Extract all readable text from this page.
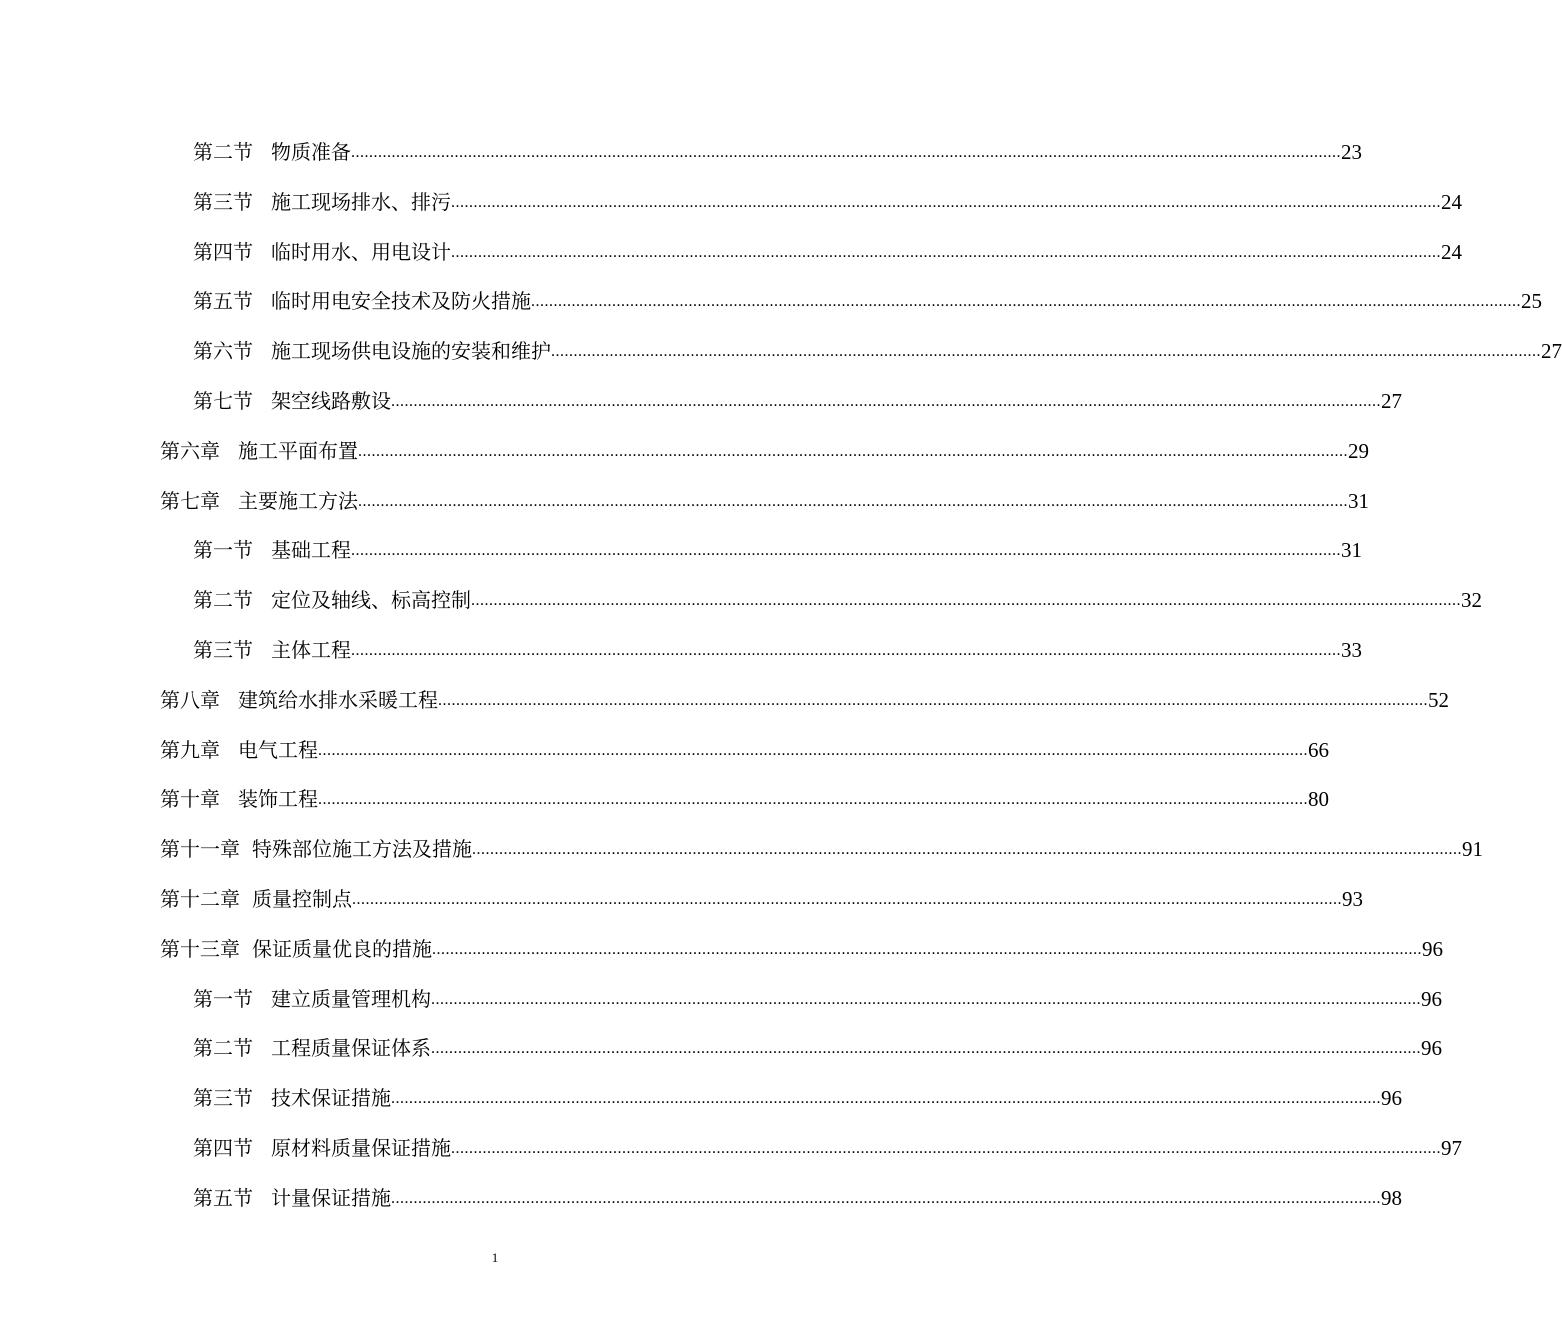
第二节 物质准备 ............................................................................................................................................................................................................................ 23
第三节 施工现场排水、排污 ............................................................................................................................................................................................................................ 24
第四节 临时用水、用电设计 ............................................................................................................................................................................................................................ 24
第五节 临时用电安全技术及防火措施 ............................................................................................................................................................................................................................ 25
第六节 施工现场供电设施的安装和维护 ............................................................................................................................................................................................................................ 27
第七节 架空线路敷设 ............................................................................................................................................................................................................................ 27
第六章 施工平面布置 ............................................................................................................................................................................................................................ 29
第七章 主要施工方法 ............................................................................................................................................................................................................................ 31
第一节 基础工程 ............................................................................................................................................................................................................................ 31
第二节 定位及轴线、标高控制 ............................................................................................................................................................................................................................ 32
第三节 主体工程 ............................................................................................................................................................................................................................ 33
第八章 建筑给水排水采暖工程 ............................................................................................................................................................................................................................ 52
第九章 电气工程 ............................................................................................................................................................................................................................ 66
第十章 装饰工程 ............................................................................................................................................................................................................................ 80
第十一章 特殊部位施工方法及措施 ............................................................................................................................................................................................................................ 91
第十二章 质量控制点 ............................................................................................................................................................................................................................ 93
第十三章 保证质量优良的措施 ............................................................................................................................................................................................................................ 96
第一节 建立质量管理机构 ............................................................................................................................................................................................................................ 96
第二节 工程质量保证体系 ............................................................................................................................................................................................................................ 96
第三节 技术保证措施 ............................................................................................................................................................................................................................ 96
第四节 原材料质量保证措施 ............................................................................................................................................................................................................................ 97
第五节 计量保证措施 ............................................................................................................................................................................................................................ 98
1
